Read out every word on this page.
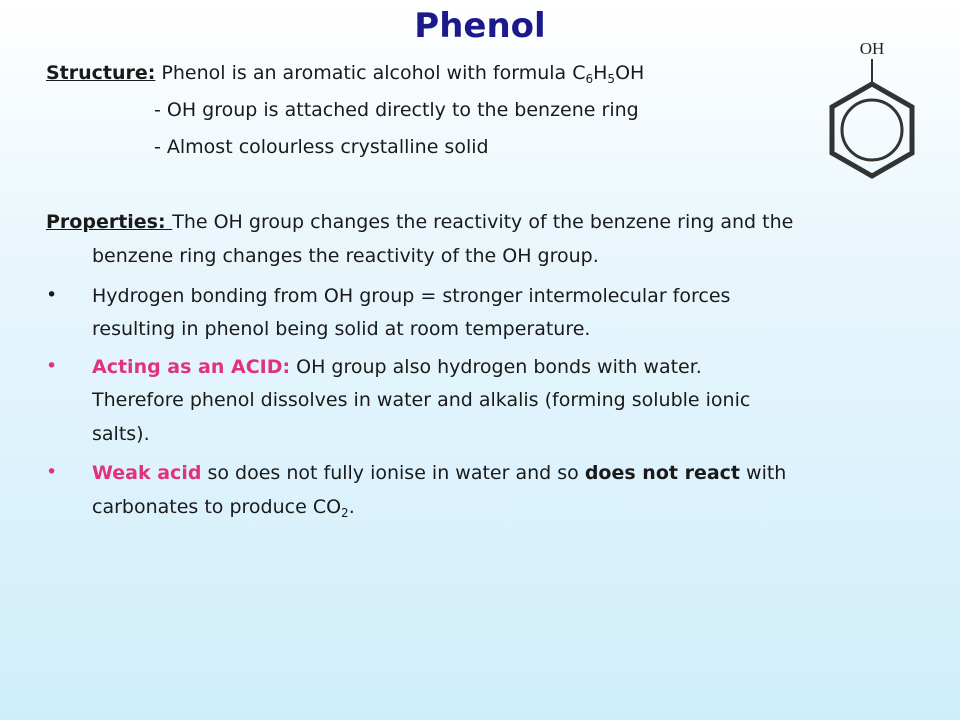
Phenol
Structure: Phenol is an aromatic alcohol with formula $C_6H_5OH$
- OH group is attached directly to the benzene ring
- Almost colourless crystalline solid
OH
Properties: The OH group changes the reactivity of the benzene ring and the
benzene ring changes the reactivity of the OH group.
• Hydrogen bonding from OH group = stronger intermolecular forces
resulting in phenol being solid at room temperature.
• Acting as an ACID: OH group also hydrogen bonds with water.
Therefore phenol dissolves in water and alkalis (forming soluble ionic
salts).
• Weak acid so does not fully ionise in water and so does not react with
carbonates to produce $CO_2$.
